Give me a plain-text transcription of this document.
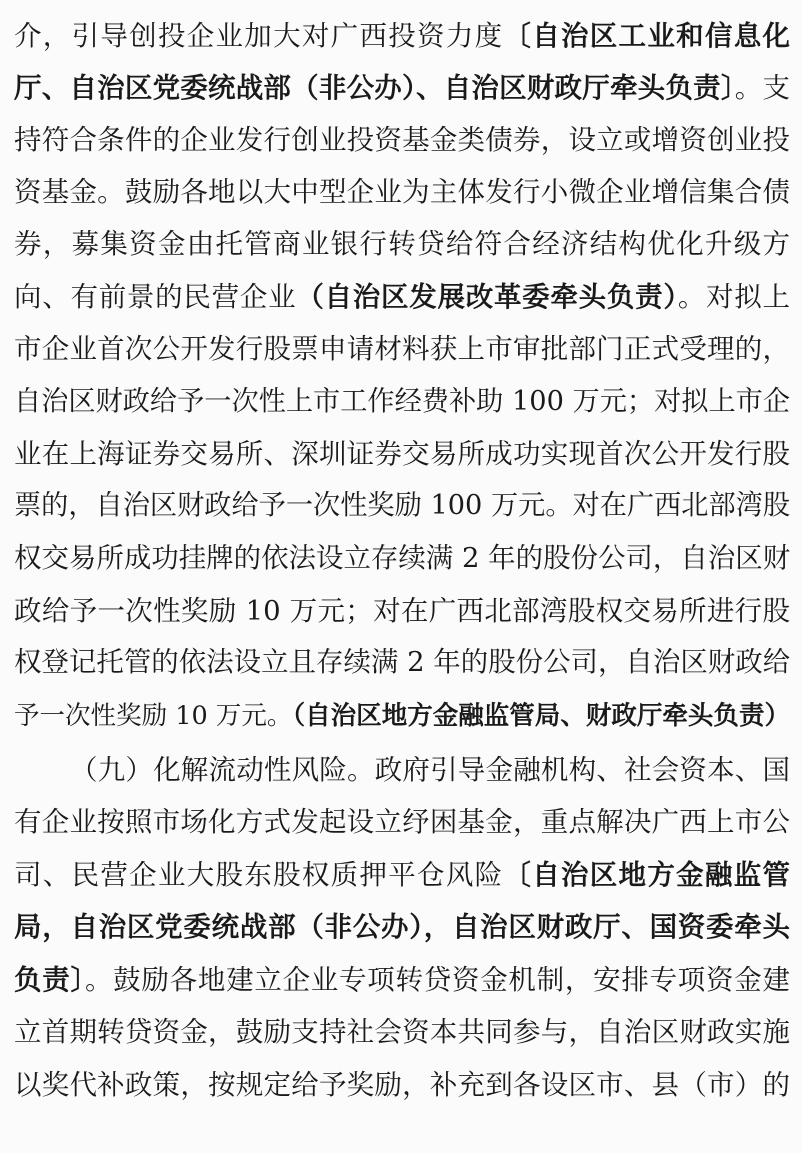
介，引导创投企业加大对广西投资力度〔自治区工业和信息化
厅、自治区党委统战部（非公办）、自治区财政厅牵头负责〕。支
持符合条件的企业发行创业投资基金类债券，设立或增资创业投
资基金。鼓励各地以大中型企业为主体发行小微企业增信集合债
券，募集资金由托管商业银行转贷给符合经济结构优化升级方
向、有前景的民营企业（自治区发展改革委牵头负责）。对拟上
市企业首次公开发行股票申请材料获上市审批部门正式受理的，
自治区财政给予一次性上市工作经费补助 100 万元；对拟上市企
业在上海证券交易所、深圳证券交易所成功实现首次公开发行股
票的，自治区财政给予一次性奖励 100 万元。对在广西北部湾股
权交易所成功挂牌的依法设立存续满 2 年的股份公司，自治区财
政给予一次性奖励 10 万元；对在广西北部湾股权交易所进行股
权登记托管的依法设立且存续满 2 年的股份公司，自治区财政给
予一次性奖励 10 万元。（自治区地方金融监管局、财政厅牵头负责）
（九）化解流动性风险。政府引导金融机构、社会资本、国
有企业按照市场化方式发起设立纾困基金，重点解决广西上市公
司、民营企业大股东股权质押平仓风险〔自治区地方金融监管
局，自治区党委统战部（非公办），自治区财政厅、国资委牵头
负责〕。鼓励各地建立企业专项转贷资金机制，安排专项资金建
立首期转贷资金，鼓励支持社会资本共同参与，自治区财政实施
以奖代补政策，按规定给予奖励，补充到各设区市、县（市）的
